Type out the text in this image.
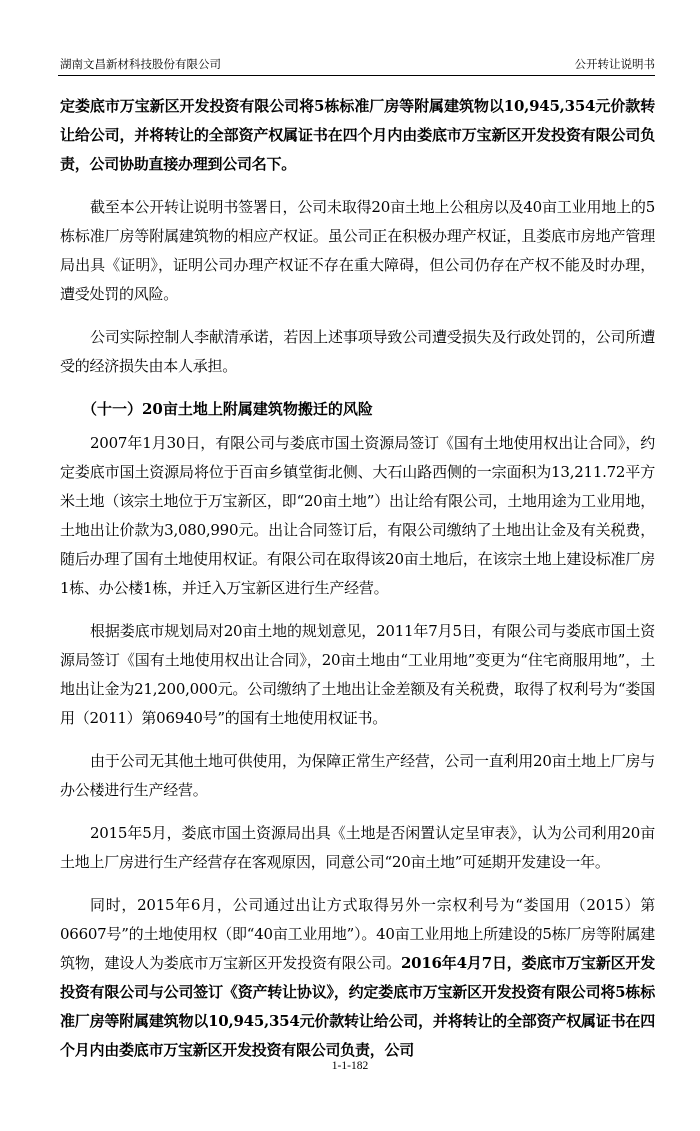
湖南文昌新材科技股份有限公司	公开转让说明书

定娄底市万宝新区开发投资有限公司将5栋标准厂房等附属建筑物以10,945,354元价款转让给公司，并将转让的全部资产权属证书在四个月内由娄底市万宝新区开发投资有限公司负责，公司协助直接办理到公司名下。

截至本公开转让说明书签署日，公司未取得20亩土地上公租房以及40亩工业用地上的5栋标准厂房等附属建筑物的相应产权证。虽公司正在积极办理产权证，且娄底市房地产管理局出具《证明》，证明公司办理产权证不存在重大障碍，但公司仍存在产权不能及时办理，遭受处罚的风险。

公司实际控制人李献清承诺，若因上述事项导致公司遭受损失及行政处罚的，公司所遭受的经济损失由本人承担。

（十一）20亩土地上附属建筑物搬迁的风险

2007年1月30日，有限公司与娄底市国土资源局签订《国有土地使用权出让合同》，约定娄底市国土资源局将位于百亩乡镇堂街北侧、大石山路西侧的一宗面积为13,211.72平方米土地（该宗土地位于万宝新区，即“20亩土地”）出让给有限公司，土地用途为工业用地，土地出让价款为3,080,990元。出让合同签订后，有限公司缴纳了土地出让金及有关税费，随后办理了国有土地使用权证。有限公司在取得该20亩土地后，在该宗土地上建设标准厂房1栋、办公楼1栋，并迁入万宝新区进行生产经营。

根据娄底市规划局对20亩土地的规划意见，2011年7月5日，有限公司与娄底市国土资源局签订《国有土地使用权出让合同》，20亩土地由“工业用地”变更为“住宅商服用地”，土地出让金为21,200,000元。公司缴纳了土地出让金差额及有关税费，取得了权利号为“娄国用（2011）第06940号”的国有土地使用权证书。

由于公司无其他土地可供使用，为保障正常生产经营，公司一直利用20亩土地上厂房与办公楼进行生产经营。

2015年5月，娄底市国土资源局出具《土地是否闲置认定呈审表》，认为公司利用20亩土地上厂房进行生产经营存在客观原因，同意公司“20亩土地”可延期开发建设一年。

同时，2015年6月，公司通过出让方式取得另外一宗权利号为“娄国用（2015）第06607号”的土地使用权（即“40亩工业用地”）。40亩工业用地上所建设的5栋厂房等附属建筑物，建设人为娄底市万宝新区开发投资有限公司。2016年4月7日，娄底市万宝新区开发投资有限公司与公司签订《资产转让协议》，约定娄底市万宝新区开发投资有限公司将5栋标准厂房等附属建筑物以10,945,354元价款转让给公司，并将转让的全部资产权属证书在四个月内由娄底市万宝新区开发投资有限公司负责，公司

1-1-182
